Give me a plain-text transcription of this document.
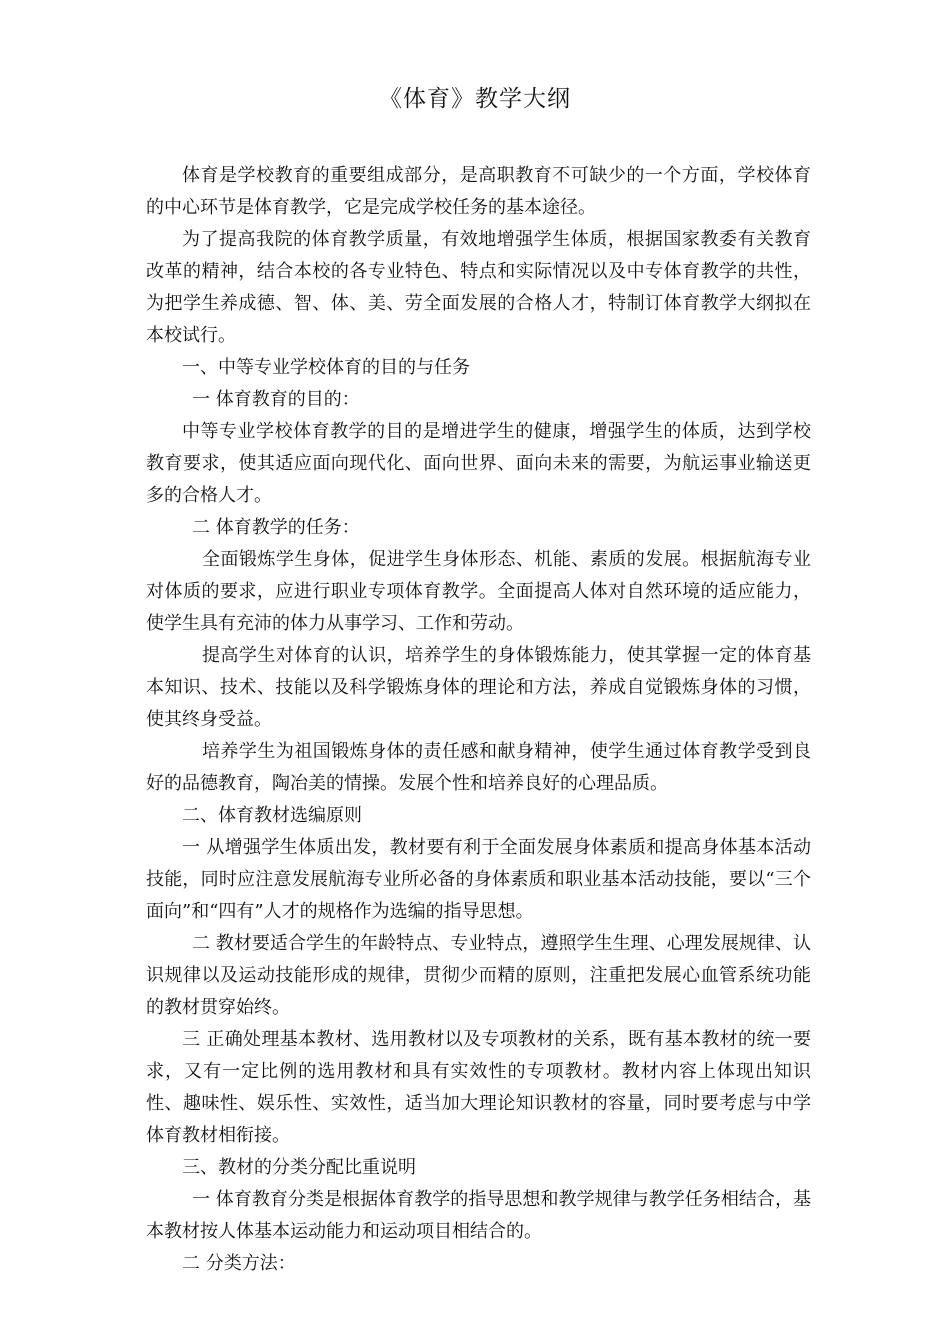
《体育》教学大纲

体育是学校教育的重要组成部分，是高职教育不可缺少的一个方面，学校体育的中心环节是体育教学，它是完成学校任务的基本途径。

为了提高我院的体育教学质量，有效地增强学生体质，根据国家教委有关教育改革的精神，结合本校的各专业特色、特点和实际情况以及中专体育教学的共性，为把学生养成德、智、体、美、劳全面发展的合格人才，特制订体育教学大纲拟在本校试行。

一、中等专业学校体育的目的与任务

一 体育教育的目的：

中等专业学校体育教学的目的是增进学生的健康，增强学生的体质，达到学校教育要求，使其适应面向现代化、面向世界、面向未来的需要，为航运事业输送更多的合格人才。

二 体育教学的任务：

全面锻炼学生身体，促进学生身体形态、机能、素质的发展。根据航海专业对体质的要求，应进行职业专项体育教学。全面提高人体对自然环境的适应能力，使学生具有充沛的体力从事学习、工作和劳动。

提高学生对体育的认识，培养学生的身体锻炼能力，使其掌握一定的体育基本知识、技术、技能以及科学锻炼身体的理论和方法，养成自觉锻炼身体的习惯，使其终身受益。

培养学生为祖国锻炼身体的责任感和献身精神，使学生通过体育教学受到良好的品德教育，陶冶美的情操。发展个性和培养良好的心理品质。

二、体育教材选编原则

一 从增强学生体质出发，教材要有利于全面发展身体素质和提高身体基本活动技能，同时应注意发展航海专业所必备的身体素质和职业基本活动技能，要以“三个面向”和“四有”人才的规格作为选编的指导思想。

二 教材要适合学生的年龄特点、专业特点，遵照学生生理、心理发展规律、认识规律以及运动技能形成的规律，贯彻少而精的原则，注重把发展心血管系统功能的教材贯穿始终。

三 正确处理基本教材、选用教材以及专项教材的关系，既有基本教材的统一要求，又有一定比例的选用教材和具有实效性的专项教材。教材内容上体现出知识性、趣味性、娱乐性、实效性，适当加大理论知识教材的容量，同时要考虑与中学体育教材相衔接。

三、教材的分类分配比重说明

一 体育教育分类是根据体育教学的指导思想和教学规律与教学任务相结合，基本教材按人体基本运动能力和运动项目相结合的。

二 分类方法：
